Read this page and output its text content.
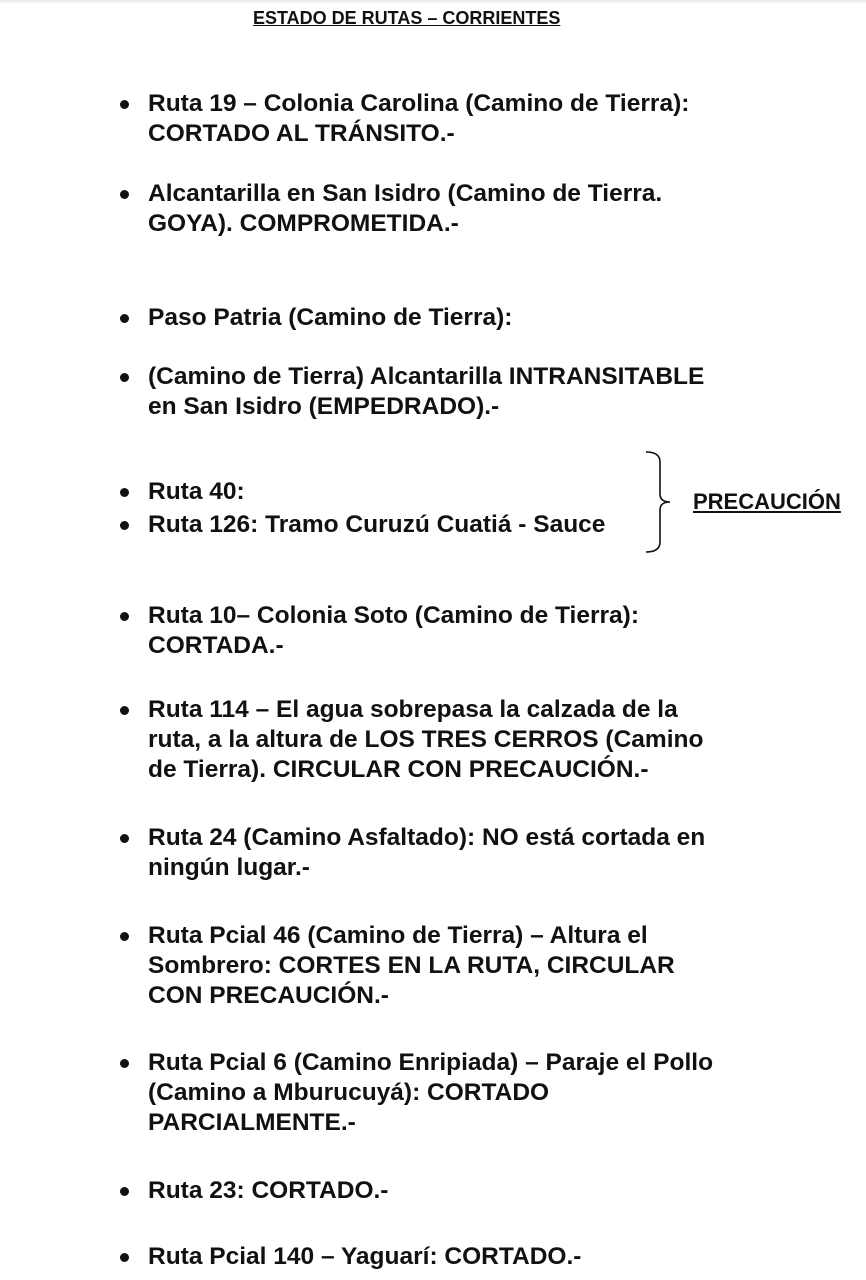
ESTADO DE RUTAS – CORRIENTES
Ruta 19 – Colonia Carolina (Camino de Tierra):
CORTADO AL TRÁNSITO.-
Alcantarilla en San Isidro (Camino de Tierra.
GOYA). COMPROMETIDA.-
Paso Patria (Camino de Tierra):
(Camino de Tierra) Alcantarilla INTRANSITABLE
en San Isidro (EMPEDRADO).-
Ruta 40:
Ruta 126: Tramo Curuzú Cuatiá - Sauce
PRECAUCIÓN
Ruta 10– Colonia Soto (Camino de Tierra):
CORTADA.-
Ruta 114 – El agua sobrepasa la calzada de la
ruta, a la altura de LOS TRES CERROS (Camino
de Tierra). CIRCULAR CON PRECAUCIÓN.-
Ruta 24 (Camino Asfaltado): NO está cortada en
ningún lugar.-
Ruta Pcial 46 (Camino de Tierra) – Altura el
Sombrero: CORTES EN LA RUTA, CIRCULAR
CON PRECAUCIÓN.-
Ruta Pcial 6 (Camino Enripiada) – Paraje el Pollo
(Camino a Mburucuyá): CORTADO
PARCIALMENTE.-
Ruta 23: CORTADO.-
Ruta Pcial 140 – Yaguarí: CORTADO.-
